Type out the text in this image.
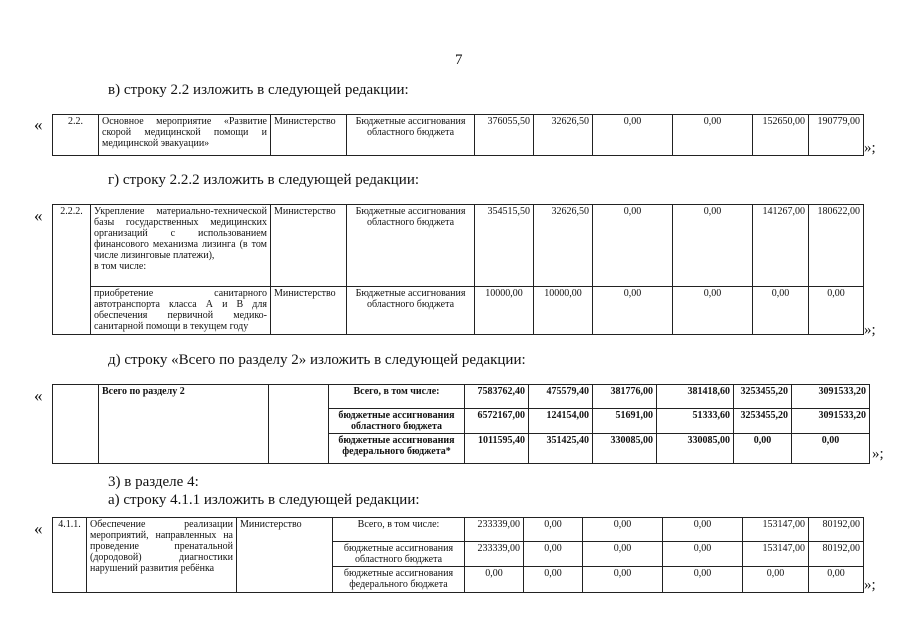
7
в) строку 2.2 изложить в следующей редакции:
«	2.2.	Основное мероприятие «Развитие скорой медицинской помощи и медицинской эвакуации»	Министерство	Бюджетные ассигнования областного бюджета	376055,50	32626,50	0,00	0,00	152650,00	190779,00
»;
г) строку 2.2.2 изложить в следующей редакции:
« 2.2.2.	Укрепление материально-технической базы государственных медицинских организаций с использованием финансового механизма лизинга (в том числе лизинговые платежи),
в том числе:	Министерство	Бюджетные ассигнования областного бюджета	354515,50	32626,50	0,00	0,00	141267,00	180622,00
	приобретение санитарного автотранспорта класса А и В для обеспечения первичной медико-санитарной помощи в текущем году	Министерство	Бюджетные ассигнования областного бюджета	10000,00	10000,00	0,00	0,00	0,00	0,00
»;
д) строку «Всего по разделу 2» изложить в следующей редакции:
«
		Всего по разделу 2		Всего, в том числе:	7583762,40	475579,40	381776,00	381418,60	3253455,20	3091533,20
			бюджетные ассигнования областного бюджета	6572167,00	124154,00	51691,00	51333,60	3253455,20	3091533,20
			бюджетные ассигнования федерального бюджета*	1011595,40	351425,40	330085,00	330085,00	0,00	0,00
»;
3) в разделе 4:
а) строку 4.1.1 изложить в следующей редакции:
« 4.1.1.	Обеспечение реализации мероприятий, направленных на проведение пренатальной (дородовой) диагностики нарушений развития ребёнка	Министерство	Всего, в том числе:	233339,00	0,00	0,00	0,00	153147,00	80192,00
			бюджетные ассигнования областного бюджета	233339,00	0,00	0,00	0,00	153147,00	80192,00
			бюджетные ассигнования федерального бюджета	0,00	0,00	0,00	0,00	0,00	0,00
»;
